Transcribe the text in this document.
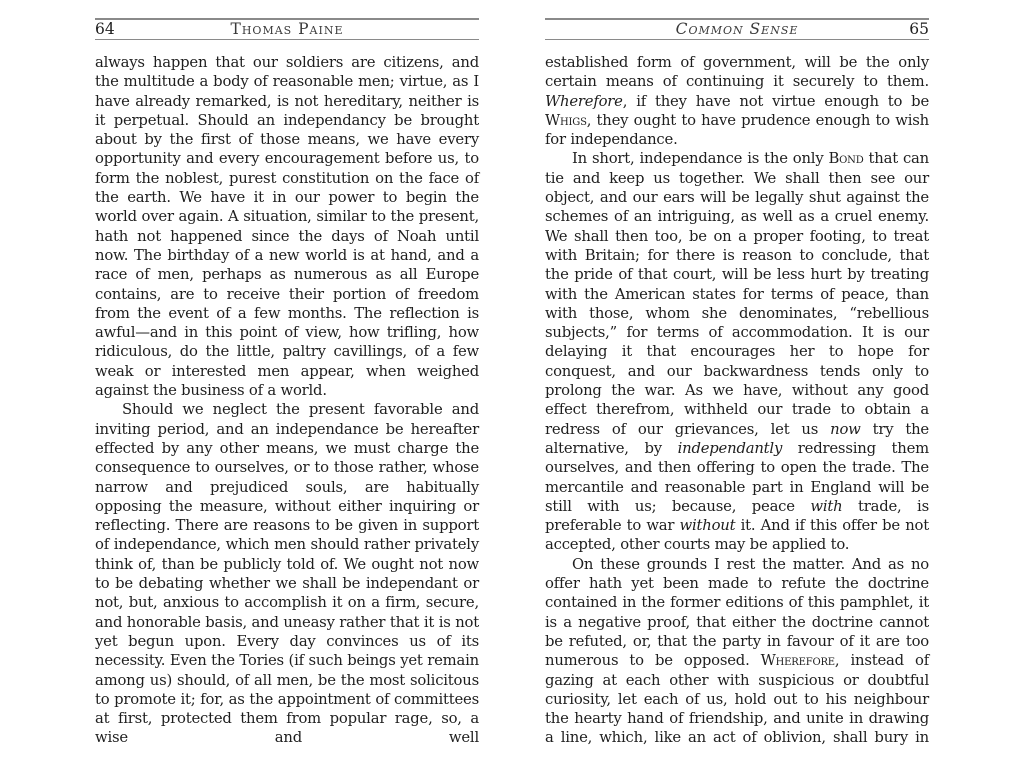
64	Thomas Paine

always happen that our soldiers are citizens, and the multitude a body of reasonable men; virtue, as I have already remarked, is not hereditary, neither is it perpetual. Should an independancy be brought about by the first of those means, we have every opportunity and every encouragement before us, to form the noblest, purest constitution on the face of the earth. We have it in our power to begin the world over again. A situation, similar to the present, hath not happened since the days of Noah until now. The birthday of a new world is at hand, and a race of men, perhaps as numerous as all Europe contains, are to receive their portion of freedom from the event of a few months. The reflection is awful—and in this point of view, how trifling, how ridiculous, do the little, paltry cavillings, of a few weak or interested men appear, when weighed against the business of a world.

Should we neglect the present favorable and inviting period, and an independance be hereafter effected by any other means, we must charge the consequence to ourselves, or to those rather, whose narrow and prejudiced souls, are habitually opposing the measure, without either inquiring or reflecting. There are reasons to be given in support of independance, which men should rather privately think of, than be publicly told of. We ought not now to be debating whether we shall be independant or not, but, anxious to accomplish it on a firm, secure, and honorable basis, and uneasy rather that it is not yet begun upon. Every day convinces us of its necessity. Even the Tories (if such beings yet remain among us) should, of all men, be the most solicitous to promote it; for, as the appointment of committees at first, protected them from popular rage, so, a wise and well

Common Sense	65

established form of government, will be the only certain means of continuing it securely to them. Wherefore, if they have not virtue enough to be Whigs, they ought to have prudence enough to wish for independance.

In short, independance is the only Bond that can tie and keep us together. We shall then see our object, and our ears will be legally shut against the schemes of an intriguing, as well as a cruel enemy. We shall then too, be on a proper footing, to treat with Britain; for there is reason to conclude, that the pride of that court, will be less hurt by treating with the American states for terms of peace, than with those, whom she denominates, “rebellious subjects,” for terms of accommodation. It is our delaying it that encourages her to hope for conquest, and our backwardness tends only to prolong the war. As we have, without any good effect therefrom, withheld our trade to obtain a redress of our grievances, let us now try the alternative, by independantly redressing them ourselves, and then offering to open the trade. The mercantile and reasonable part in England will be still with us; because, peace with trade, is preferable to war without it. And if this offer be not accepted, other courts may be applied to.

On these grounds I rest the matter. And as no offer hath yet been made to refute the doctrine contained in the former editions of this pamphlet, it is a negative proof, that either the doctrine cannot be refuted, or, that the party in favour of it are too numerous to be opposed. Wherefore, instead of gazing at each other with suspicious or doubtful curiosity, let each of us, hold out to his neighbour the hearty hand of friendship, and unite in drawing a line, which, like an act of oblivion, shall bury in
